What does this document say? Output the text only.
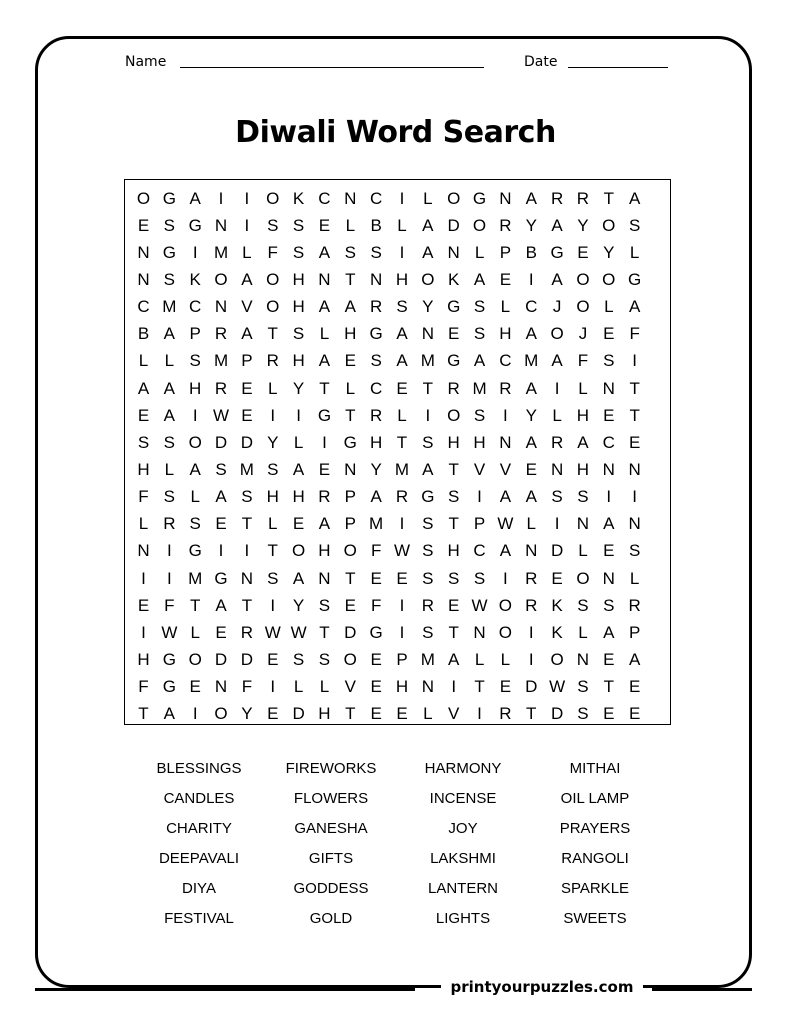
Name	Date
Diwali Word Search
O G A	I	I O K C N C	I	L O G N A R R T A
E S G N	I	S S E L B L A D O R Y A Y O S
N G I M L F S A S S	I	A N L P B G E Y L
N S K O A O H N T N H O K A E	I	A O O G
C M C N V O H A A R S Y G S L C J O L A
B A P R A T S L H G A N E S H A O J E F
L L S M P R H A E S A M G A C M A F S	I
A A H R E L Y T L C E T R M R A	I	L N T
E A	I W E	I	I G T R L	I O S	I	Y L H E T
S S O D D Y L	I G H T S H H N A R A C E
H L A S M S A E N Y M A T V V E N H N N
F S L A S H H R P A R G S	I	A A S S	I	I
L R S E T L E A P M I	S T P W L	I	N A N
N	I G I	I	T O H O F W S H C A N D L E S
I	I M G N S A N T E E S S S	I	R E O N L
E F T A T	I	Y S E F	I	R E W O R K S S R
I W L E R W W T D G I	S T N O I	K L A P
H G O D D E S S O E P M A L L	I O N E A
F G E N F	I	L L V E H N	I	T E D W S T E
T A	I O Y E D H T E E L V	I	R T D S E E
BLESSINGS	FIREWORKS	HARMONY	MITHAI
CANDLES	FLOWERS	INCENSE	OIL LAMP
CHARITY	GANESHA	JOY	PRAYERS
DEEPAVALI	GIFTS	LAKSHMI	RANGOLI
DIYA	GODDESS	LANTERN	SPARKLE
FESTIVAL	GOLD	LIGHTS	SWEETS
printyourpuzzles.com
